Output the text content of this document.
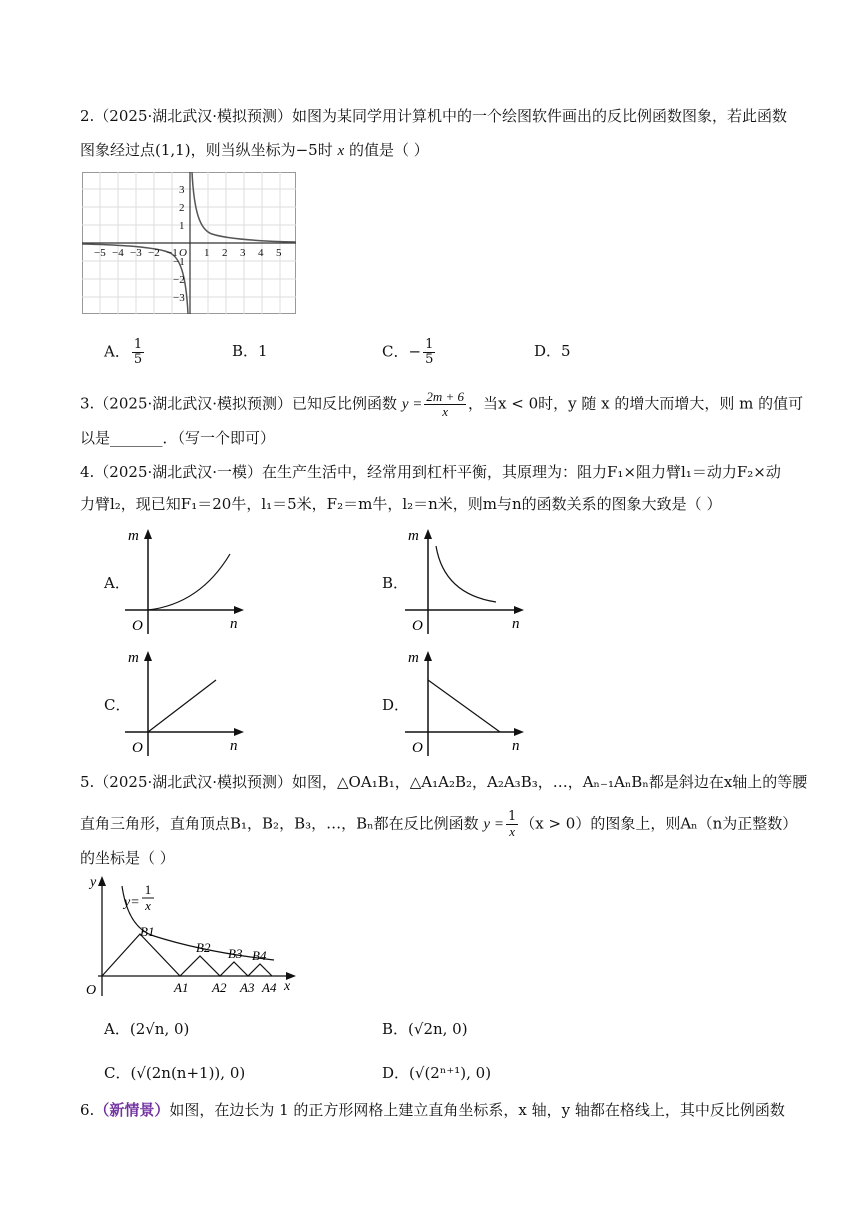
2.（2025·湖北武汉·模拟预测）如图为某同学用计算机中的一个绘图软件画出的反比例函数图象，若此函数
图象经过点(1,1)，则当纵坐标为−5时 x 的值是（ ）
−5 −4 −3 −2 −1 O 1 2 3 4 5
3
2
1
−1
−2
−3
A． $\frac{1}{5}$	B．1	C．− $\frac{1}{5}$	D．5
3.（2025·湖北武汉·模拟预测）已知反比例函数 $y = \frac{2m + 6}{x}$ ，当x < 0时，y 随 x 的增大而增大，则 m 的值可
以是_______．（写一个即可）
4.（2025·湖北武汉·一模）在生产生活中，经常用到杠杆平衡，其原理为：阻力F₁×阻力臂l₁＝动力F₂×动
力臂l₂，现已知F₁＝20牛，l₁＝5米，F₂＝m牛，l₂＝n米，则m与n的函数关系的图象大致是（ ）
A．
m
n
O
B．
m
n
O
C．
m
n
O
D．
m
n
O
5.（2025·湖北武汉·模拟预测）如图，△OA₁B₁，△A₁A₂B₂，A₂A₃B₃，…，Aₙ₋₁AₙBₙ都是斜边在x轴上的等腰
直角三角形，直角顶点B₁，B₂，B₃，…，Bₙ都在反比例函数 $y = \frac{1}{x} (x > 0)$的图象上，则Aₙ（n为正整数）
的坐标是（ ）
y
x
O
y=
1
x
B1
B2 B3 B4
A1 A2 A3 A4
A．(2√n, 0)	B．(√2n, 0)
C．(√(2n(n+1)), 0)	D．(√(2ⁿ⁺¹), 0)
6.（新情景）如图，在边长为 1 的正方形网格上建立直角坐标系，x 轴，y 轴都在格线上，其中反比例函数
